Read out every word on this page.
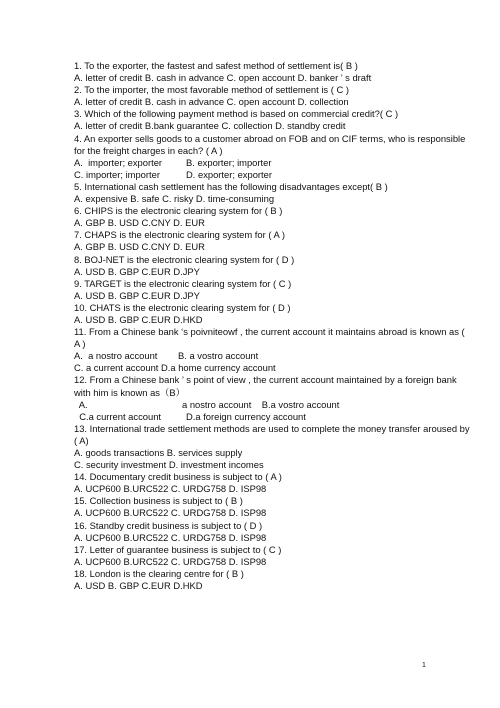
1. To the exporter, the fastest and safest method of settlement is( B )
A. letter of credit B. cash in advance C. open account D. banker ’ s draft
2. To the importer, the most favorable method of settlement is ( C )
A. letter of credit B. cash in advance C. open account D. collection
3. Which of the following payment method is based on commercial credit?( C )
A. letter of credit B.bank guarantee C. collection D. standby credit
4. An exporter sells goods to a customer abroad on FOB and on CIF terms, who is responsible
for the freight charges in each? ( A )
A.  importer; exporter	B. exporter; importer
C. importer; importer	D. exporter; exporter
5. International cash settlement has the following disadvantages except( B )
A. expensive B. safe C. risky D. time-consuming
6. CHIPS is the electronic clearing system for ( B )
A. GBP B. USD C.CNY D. EUR
7. CHAPS is the electronic clearing system for ( A )
A. GBP B. USD C.CNY D. EUR
8. BOJ-NET is the electronic clearing system for ( D )
A. USD B. GBP C.EUR D.JPY
9. TARGET is the electronic clearing system for ( C )
A. USD B. GBP C.EUR D.JPY
10. CHATS is the electronic clearing system for ( D )
A. USD B. GBP C.EUR D.HKD
11. From a Chinese bank ‘s poivniteowf , the current account it maintains abroad is known as (
A )
A.  a nostro account	B. a vostro account
C. a current account D.a home currency account
12. From a Chinese bank ’ s point of view , the current account maintained by a foreign bank
with him is known as（B）
A.	a nostro account    B.a vostro account
C.a current account	D.a foreign currency account
13. International trade settlement methods are used to complete the money transfer aroused by
( A)
A. goods transactions B. services supply
C. security investment D. investment incomes
14. Documentary credit business is subject to ( A )
A. UCP600 B.URC522 C. URDG758 D. ISP98
15. Collection business is subject to ( B )
A. UCP600 B.URC522 C. URDG758 D. ISP98
16. Standby credit business is subject to ( D )
A. UCP600 B.URC522 C. URDG758 D. ISP98
17. Letter of guarantee business is subject to ( C )
A. UCP600 B.URC522 C. URDG758 D. ISP98
18. London is the clearing centre for ( B )
A. USD B. GBP C.EUR D.HKD
1
